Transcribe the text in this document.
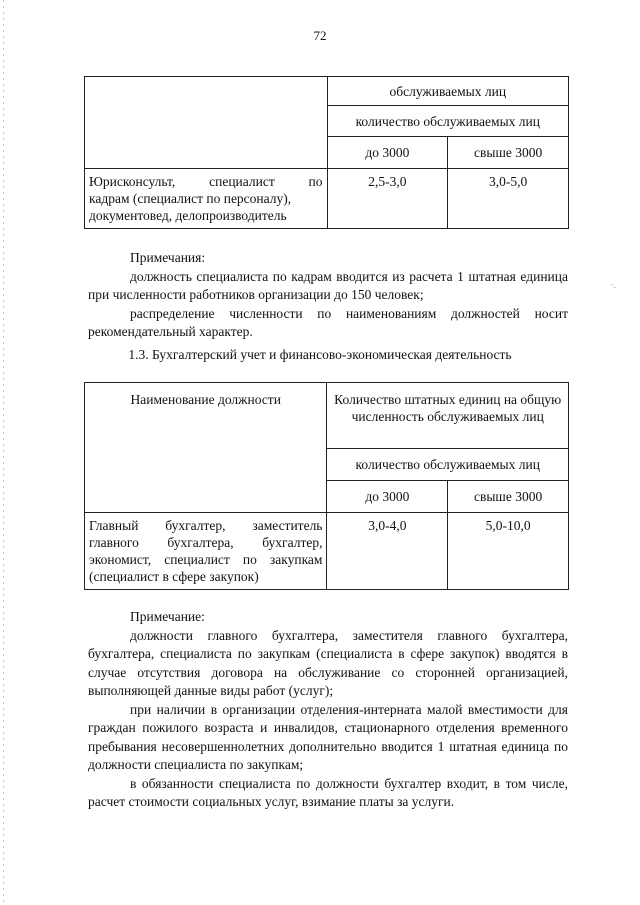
·.
72
	обслуживаемых лиц	
	количество обслуживаемых лиц	
	до 3000	свыше 3000

Юрисконсульт, специалист по
кадрам (специалист по персоналу),
документовед, делопроизводитель	2,5-3,0	3,0-5,0

Примечания:

должность специалиста по кадрам вводится из расчета 1 штатная единица при численности работников организации до 150 человек;

распределение численности по наименованиям должностей носит рекомендательный характер.

1.3. Бухгалтерский учет и финансово-экономическая деятельность
Наименование должности	Количество штатных единиц на общую численность обслуживаемых лиц	
	количество обслуживаемых лиц	
	до 3000	свыше 3000

Главный бухгалтер, заместитель
главного бухгалтера, бухгалтер,
экономист, специалист по закупкам
(специалист в сфере закупок)	3,0-4,0	5,0-10,0

Примечание:

должности главного бухгалтера, заместителя главного бухгалтера, бухгалтера, специалиста по закупкам (специалиста в сфере закупок) вводятся в случае отсутствия договора на обслуживание со сторонней организацией, выполняющей данные виды работ (услуг);

при наличии в организации отделения-интерната малой вместимости для граждан пожилого возраста и инвалидов, стационарного отделения временного пребывания несовершеннолетних дополнительно вводится 1 штатная единица по должности специалиста по закупкам;

в обязанности специалиста по должности бухгалтер входит, в том числе, расчет стоимости социальных услуг, взимание платы за услуги.
